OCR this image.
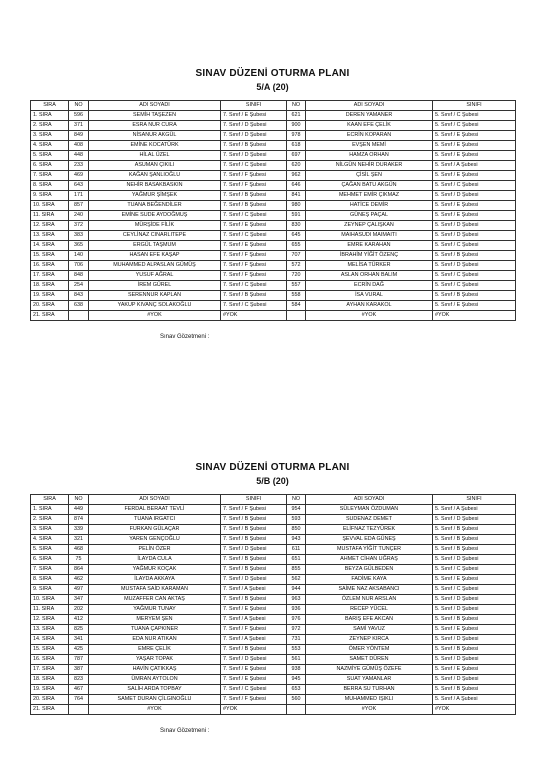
SINAV DÜZENİ OTURMA PLANI

5/A (20)

SIRA	NO	ADI SOYADI	SINIFI	NO	ADI SOYADI	SINIFI
1. SIRA	596	SEMİH TAŞEZEN	7. Sınıf / E Şubesi	621	DEREN YAMANER	5. Sınıf / C Şubesi
2. SIRA	371	ESRA NUR CURA	7. Sınıf / D Şubesi	900	KAAN EFE ÇELİK	5. Sınıf / C Şubesi
3. SIRA	849	NİSANUR AKGÜL	7. Sınıf / D Şubesi	978	ECRİN KOPARAN	5. Sınıf / E Şubesi
4. SIRA	408	EMİNE KOCATÜRK	7. Sınıf / B Şubesi	618	EVŞEN MEMİ	5. Sınıf / E Şubesi
5. SIRA	448	HİLAL ÜZEL	7. Sınıf / D Şubesi	697	HAMZA ORHAN	5. Sınıf / E Şubesi
6. SIRA	233	ASUMAN ÇIKILI	7. Sınıf / C Şubesi	620	NİLGÜN NEHİR DURAKER	5. Sınıf / A Şubesi
7. SIRA	469	KAĞAN ŞANLIOĞLU	7. Sınıf / F Şubesi	962	ÇİSİL ŞEN	5. Sınıf / E Şubesi
8. SIRA	643	NEHİR BASAKBASKIN	7. Sınıf / F Şubesi	646	ÇAĞAN BATU AKGÜN	5. Sınıf / C Şubesi
9. SIRA	171	YAĞMUR ŞİMŞEK	7. Sınıf / B Şubesi	841	MEHMET EMİR ÇIKMAZ	5. Sınıf / D Şubesi
10. SIRA	857	TUANA BEĞENDİLER	7. Sınıf / B Şubesi	980	HATİCE DEMİR	5. Sınıf / E Şubesi
11. SIRA	240	EMİNE SUDE AYDOĞMUŞ	7. Sınıf / C Şubesi	591	GÜNEŞ PAÇAL	5. Sınıf / E Şubesi
12. SIRA	372	MÜRŞİDE FİLİK	7. Sınıf / E Şubesi	830	ZEYNEP ÇALIŞKAN	5. Sınıf / D Şubesi
13. SIRA	383	CEYLİNAZ CINARLITEPE	7. Sınıf / C Şubesi	645	MAIHASUDI MAIMAITI	5. Sınıf / D Şubesi
14. SIRA	365	ERGÜL TAŞMUM	7. Sınıf / E Şubesi	655	EMRE KARAHAN	5. Sınıf / C Şubesi
15. SIRA	140	HASAN EFE KAŞAP	7. Sınıf / F Şubesi	707	İBRAHİM YİĞİT ÖZENÇ	5. Sınıf / B Şubesi
16. SIRA	706	MUHAMMED ALPASLAN GÜMÜŞ	7. Sınıf / F Şubesi	572	MELİSA TÜRKER	5. Sınıf / D Şubesi
17. SIRA	848	YUSUF AĞRAL	7. Sınıf / F Şubesi	720	ASLAN ORHAN BALIM	5. Sınıf / C Şubesi
18. SIRA	254	İREM GÜREL	7. Sınıf / C Şubesi	557	ECRİN DAĞ	5. Sınıf / C Şubesi
19. SIRA	843	SERENNUR KAPLAN	7. Sınıf / B Şubesi	558	İSA VURAL	5. Sınıf / B Şubesi
20. SIRA	638	YAKUP KIVANÇ SOLAKOĞLU	7. Sınıf / C Şubesi	584	AYHAN KARAKOL	5. Sınıf / E Şubesi
21. SIRA		#YOK	#YOK		#YOK	#YOK
Sınav Gözetmeni :

SINAV DÜZENİ OTURMA PLANI

5/B (20)

SIRA	NO	ADI SOYADI	SINIFI	NO	ADI SOYADI	SINIFI
1. SIRA	449	FERDAL BERAAT TEVLİ	7. Sınıf / F Şubesi	954	SÜLEYMAN ÖZDUMAN	5. Sınıf / A Şubesi
2. SIRA	874	TUANA IRGATCI	7. Sınıf / B Şubesi	593	SUDENAZ DEMET	5. Sınıf / D Şubesi
3. SIRA	339	FURKAN GÜLAÇAR	7. Sınıf / B Şubesi	850	ELİFNAZ TEZYÜREK	5. Sınıf / B Şubesi
4. SIRA	321	YAREN GENÇOĞLU	7. Sınıf / B Şubesi	943	ŞEVVAL EDA GÜNEŞ	5. Sınıf / B Şubesi
5. SIRA	468	PELİN ÖZER	7. Sınıf / D Şubesi	611	MUSTAFA YİĞİT TUNÇER	5. Sınıf / B Şubesi
6. SIRA	75	İLAYDA CULA	7. Sınıf / B Şubesi	651	AHMET CİHAN UĞRAŞ	5. Sınıf / D Şubesi
7. SIRA	864	YAĞMUR KOÇAK	7. Sınıf / B Şubesi	855	BEYZA GÜLBEDEN	5. Sınıf / C Şubesi
8. SIRA	462	İLAYDA AKKAYA	7. Sınıf / D Şubesi	562	FADİME KAYA	5. Sınıf / E Şubesi
9. SIRA	497	MUSTAFA SAİD KARAMAN	7. Sınıf / A Şubesi	944	SAİME NAZ AKSABANCI	5. Sınıf / C Şubesi
10. SIRA	347	MUZAFFER CAN AKTAŞ	7. Sınıf / B Şubesi	963	ÖZLEM NUR ARSLAN	5. Sınıf / D Şubesi
11. SIRA	202	YAĞMUR TUNAY	7. Sınıf / E Şubesi	936	RECEP YÜCEL	5. Sınıf / D Şubesi
12. SIRA	412	MERYEM ŞEN	7. Sınıf / A Şubesi	976	BARIŞ EFE AKCAN	5. Sınıf / B Şubesi
13. SIRA	825	TUANA ÇAPKINER	7. Sınıf / F Şubesi	972	SAMİ YAVUZ	5. Sınıf / E Şubesi
14. SIRA	341	EDA NUR ATIKAN	7. Sınıf / A Şubesi	731	ZEYNEP KIRCA	5. Sınıf / D Şubesi
15. SIRA	425	EMRE ÇELİK	7. Sınıf / B Şubesi	553	ÖMER YÖNTEM	5. Sınıf / B Şubesi
16. SIRA	787	YAŞAR TOPAK	7. Sınıf / D Şubesi	561	SAMET DÜREN	5. Sınıf / D Şubesi
17. SIRA	387	HAVİN ÇATIKKAŞ	7. Sınıf / E Şubesi	938	NAZMİYE GÜMÜŞ ÖZEFE	5. Sınıf / E Şubesi
18. SIRA	823	ÜMRAN AYTOLON	7. Sınıf / E Şubesi	945	SUAT YAMANLAR	5. Sınıf / D Şubesi
19. SIRA	467	SALİH ARDA TOPBAY	7. Sınıf / C Şubesi	653	BERRA SU TURHAN	5. Sınıf / B Şubesi
20. SIRA	764	SAMET DURAN ÇİLGINOĞLU	7. Sınıf / F Şubesi	560	MUHAMMED IŞIKLI	5. Sınıf / A Şubesi
21. SIRA		#YOK	#YOK		#YOK	#YOK
Sınav Gözetmeni :
